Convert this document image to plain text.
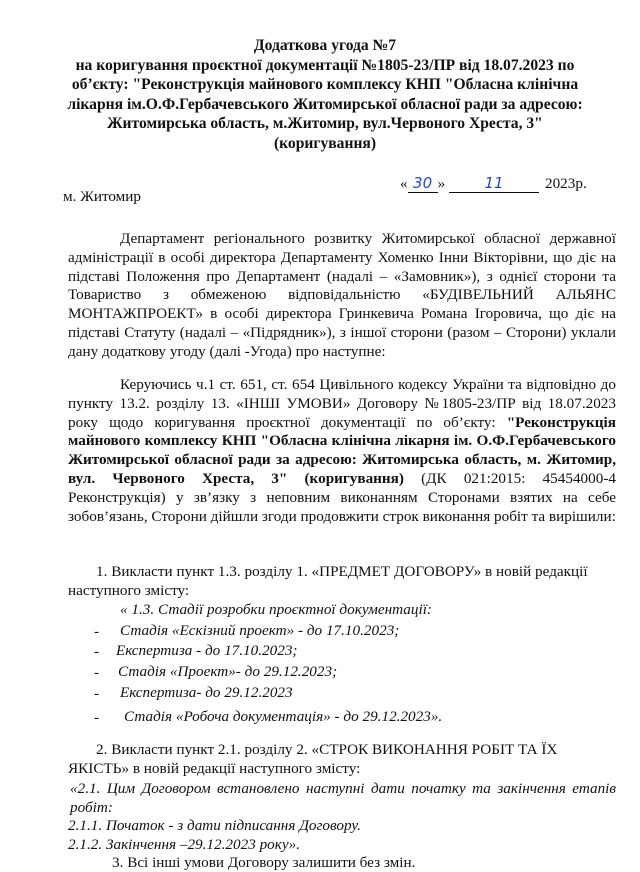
Додаткова угода №7
на коригування проєктної документації №1805-23/ПР від 18.07.2023 по
об’єкту: "Реконструкція майнового комплексу КНП "Обласна клінічна
лікарня ім.О.Ф.Гербачевського Житомирської обласної ради за адресою:
Житомирська область, м.Житомир, вул.Червоного Хреста, 3"
(коригування)
м. Житомир
« 30 »	11	2023р.
Департамент регіонального розвитку Житомирської обласної державної адміністрації в особі директора Департаменту Хоменко Інни Вікторівни, що діє на підставі Положення про Департамент (надалі – «Замовник»), з однієї сторони та Товариство з обмеженою відповідальністю «БУДІВЕЛЬНИЙ АЛЬЯНС МОНТАЖПРОЕКТ» в особі директора Гринкевича Романа Ігоровича, що діє на підставі Статуту (надалі – «Підрядник»), з іншої сторони (разом – Сторони) уклали дану додаткову угоду (далі -Угода) про наступне:
Керуючись ч.1 ст. 651, ст. 654 Цивільного кодексу України та відповідно до пункту 13.2. розділу 13. «ІНШІ УМОВИ» Договору №1805-23/ПР від 18.07.2023 року щодо коригування проєктної документації по об’єкту: "Реконструкція майнового комплексу КНП "Обласна клінічна лікарня ім. О.Ф.Гербачевського Житомирської обласної ради за адресою: Житомирська область, м. Житомир, вул. Червоного Хреста, 3" (коригування) (ДК 021:2015: 45454000-4 Реконструкція) у зв’язку з неповним виконанням Сторонами взятих на себе зобов’язань, Сторони дійшли згоди продовжити строк виконання робіт та вирішили:
1. Викласти пункт 1.3. розділу 1. «ПРЕДМЕТ ДОГОВОРУ» в новій редакції
наступного змісту:
« 1.3. Стадії розробки проєктної документації:
- Стадія «Ескізний проект» - до 17.10.2023;
- Експертиза - до 17.10.2023;
- Стадія «Проект»- до 29.12.2023;
- Експертиза- до 29.12.2023
- Стадія «Робоча документація» - до 29.12.2023».
2. Викласти пункт 2.1. розділу 2. «СТРОК ВИКОНАННЯ РОБІТ ТА ЇХ
ЯКІСТЬ» в новій редакції наступного змісту:
«2.1. Цим Договором встановлено наступні дати початку та закінчення етапів робіт:
2.1.1. Початок - з дати підписання Договору.
2.1.2. Закінчення –29.12.2023 року».
3. Всі інші умови Договору залишити без змін.
